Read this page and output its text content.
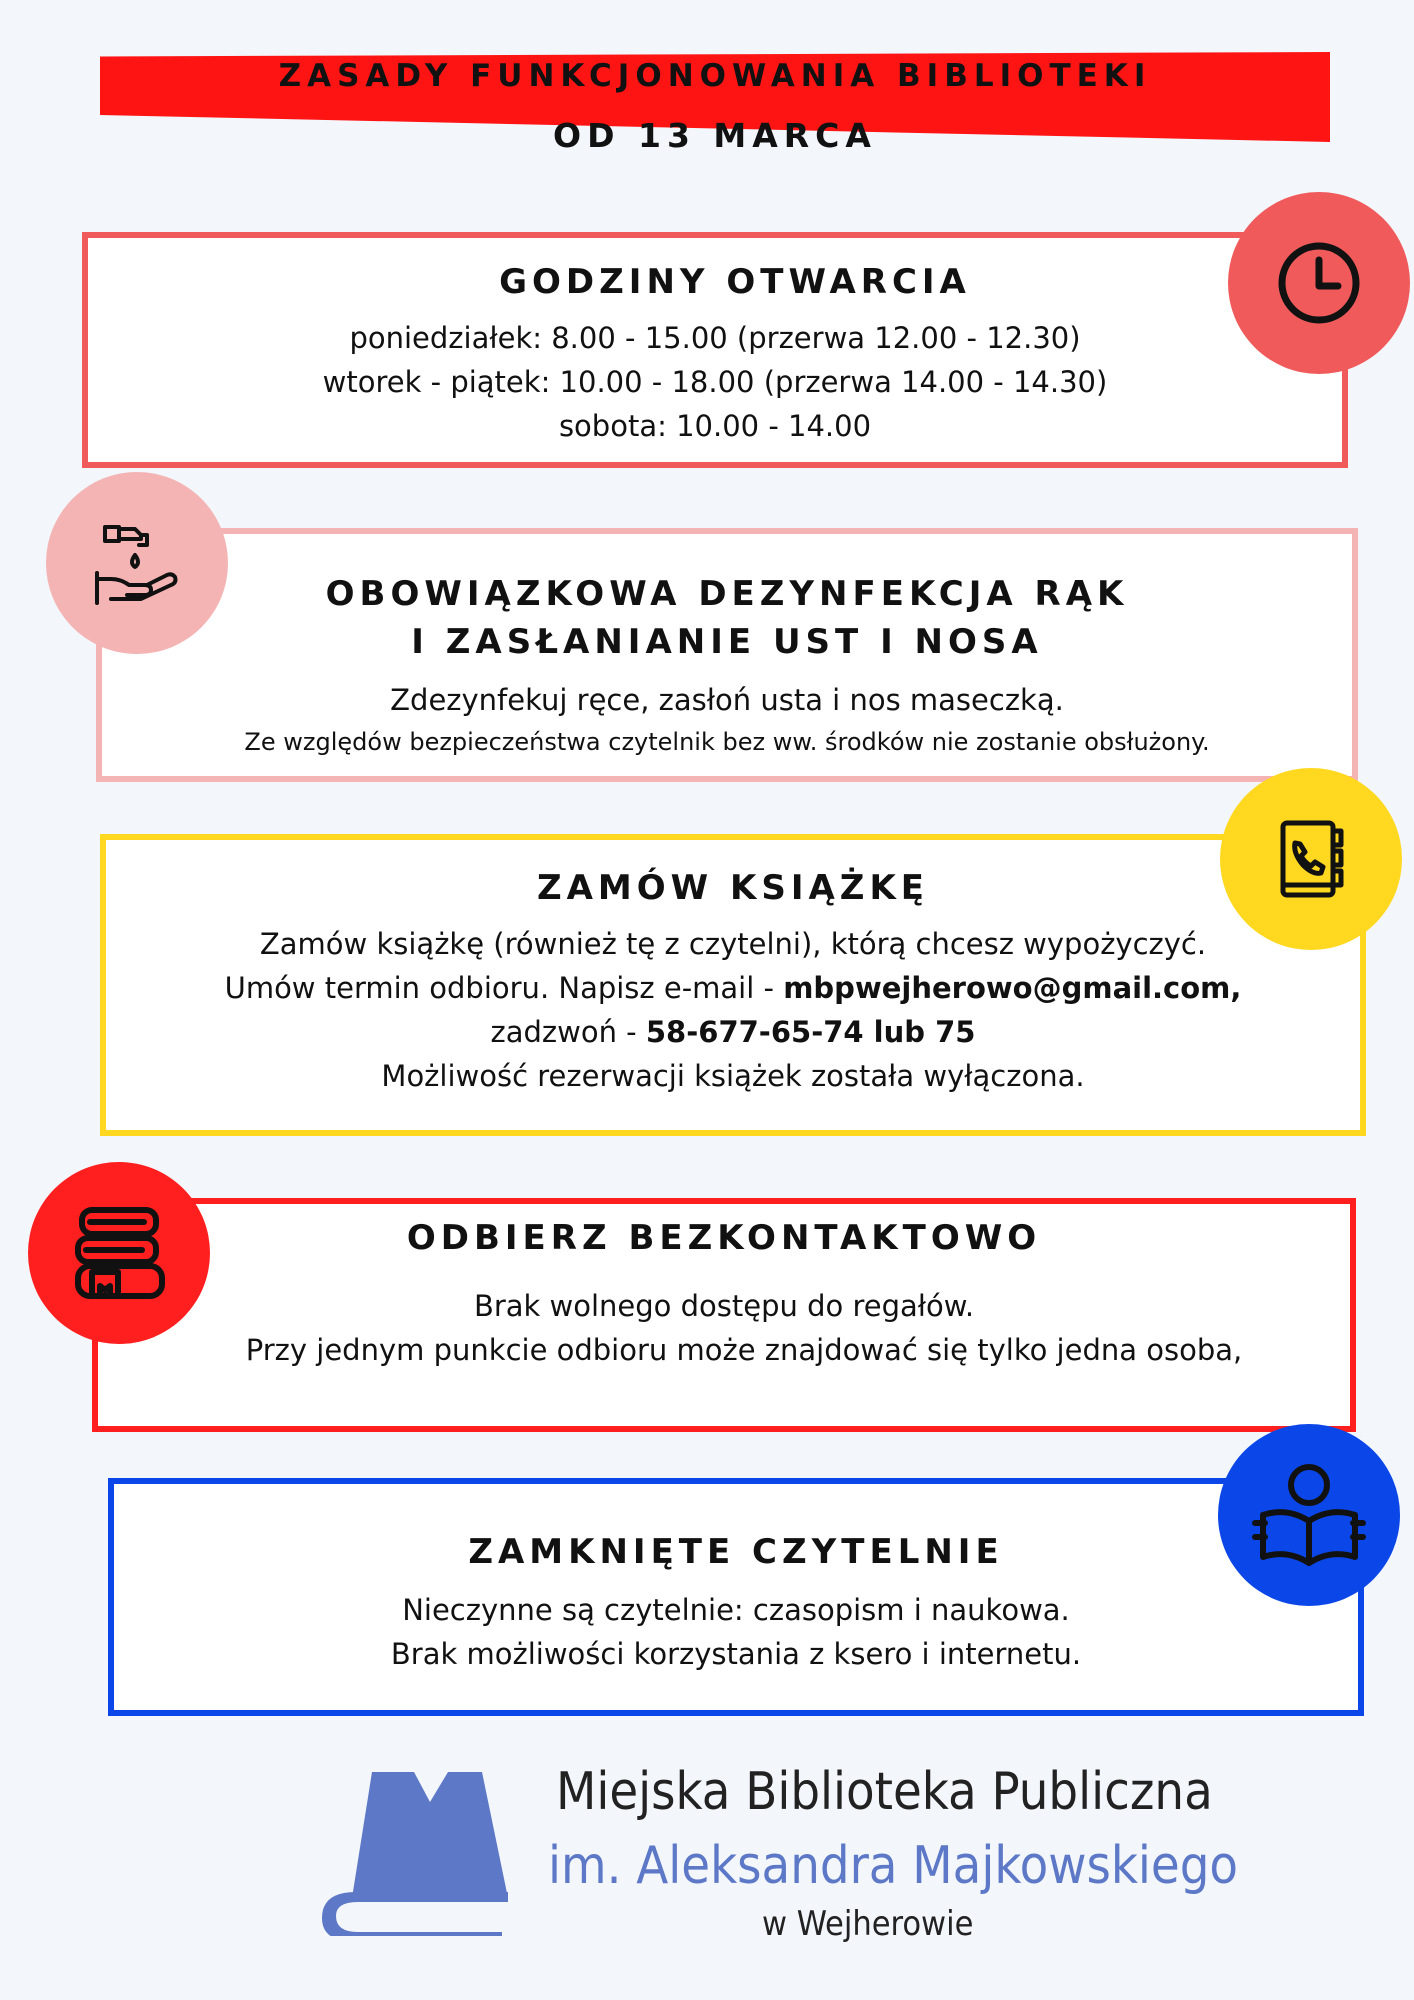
ZASADY FUNKCJONOWANIA BIBLIOTEKI
OD 13 MARCA
GODZINY OTWARCIA
poniedziałek: 8.00 - 15.00 (przerwa 12.00 - 12.30)
wtorek - piątek: 10.00 - 18.00 (przerwa 14.00 - 14.30)
sobota: 10.00 - 14.00
OBOWIĄZKOWA DEZYNFEKCJA RĄK
I ZASŁANIANIE UST I NOSA
Zdezynfekuj ręce, zasłoń usta i nos maseczką.
Ze względów bezpieczeństwa czytelnik bez ww. środków nie zostanie obsłużony.
ZAMÓW KSIĄŻKĘ
Zamów książkę (również tę z czytelni), którą chcesz wypożyczyć.
Umów termin odbioru. Napisz e-mail - mbpwejherowo@gmail.com,
zadzwoń - 58-677-65-74 lub 75
Możliwość rezerwacji książek została wyłączona.
ODBIERZ BEZKONTAKTOWO
Brak wolnego dostępu do regałów.
Przy jednym punkcie odbioru może znajdować się tylko jedna osoba,
ZAMKNIĘTE CZYTELNIE
Nieczynne są czytelnie: czasopism i naukowa.
Brak możliwości korzystania z ksero i internetu.
Miejska Biblioteka Publiczna
im. Aleksandra Majkowskiego
w Wejherowie
